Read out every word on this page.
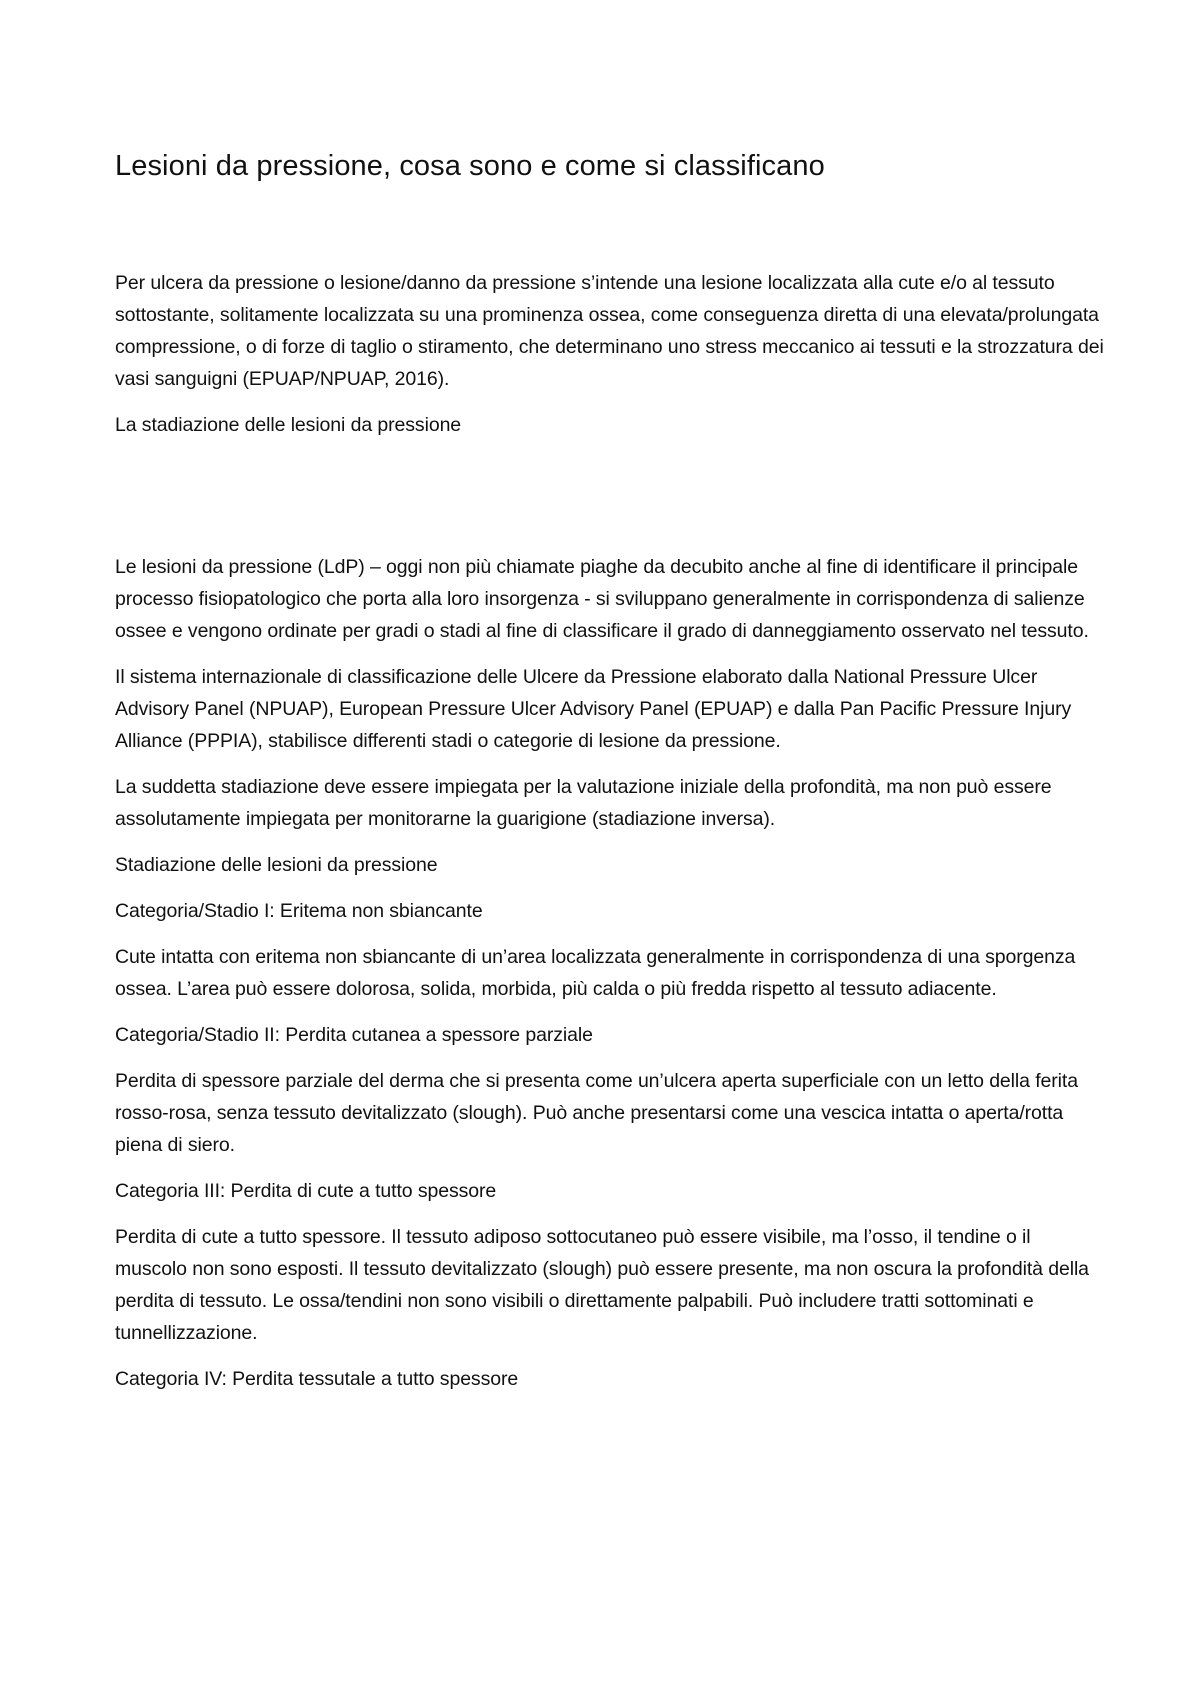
Lesioni da pressione, cosa sono e come si classificano
Per ulcera da pressione o lesione/danno da pressione s’intende una lesione localizzata alla cute e/o al tessuto sottostante, solitamente localizzata su una prominenza ossea, come conseguenza diretta di una elevata/prolungata compressione, o di forze di taglio o stiramento, che determinano uno stress meccanico ai tessuti e la strozzatura dei vasi sanguigni (EPUAP/NPUAP, 2016).

La stadiazione delle lesioni da pressione
Le lesioni da pressione (LdP) – oggi non più chiamate piaghe da decubito anche al fine di identificare il principale processo fisiopatologico che porta alla loro insorgenza - si sviluppano generalmente in corrispondenza di salienze ossee e vengono ordinate per gradi o stadi al fine di classificare il grado di danneggiamento osservato nel tessuto.
Il sistema internazionale di classificazione delle Ulcere da Pressione elaborato dalla National Pressure Ulcer Advisory Panel (NPUAP), European Pressure Ulcer Advisory Panel (EPUAP) e dalla Pan Pacific Pressure Injury Alliance (PPPIA), stabilisce differenti stadi o categorie di lesione da pressione.
La suddetta stadiazione deve essere impiegata per la valutazione iniziale della profondità, ma non può essere assolutamente impiegata per monitorarne la guarigione (stadiazione inversa).
Stadiazione delle lesioni da pressione
Categoria/Stadio I: Eritema non sbiancante
Cute intatta con eritema non sbiancante di un’area localizzata generalmente in corrispondenza di una sporgenza ossea. L’area può essere dolorosa, solida, morbida, più calda o più fredda rispetto al tessuto adiacente.
Categoria/Stadio II: Perdita cutanea a spessore parziale
Perdita di spessore parziale del derma che si presenta come un’ulcera aperta superficiale con un letto della ferita rosso-rosa, senza tessuto devitalizzato (slough). Può anche presentarsi come una vescica intatta o aperta/rotta piena di siero.
Categoria III: Perdita di cute a tutto spessore
Perdita di cute a tutto spessore. Il tessuto adiposo sottocutaneo può essere visibile, ma l’osso, il tendine o il muscolo non sono esposti. Il tessuto devitalizzato (slough) può essere presente, ma non oscura la profondità della perdita di tessuto. Le ossa/tendini non sono visibili o direttamente palpabili. Può includere tratti sottominati e tunnellizzazione.
Categoria IV: Perdita tessutale a tutto spessore
